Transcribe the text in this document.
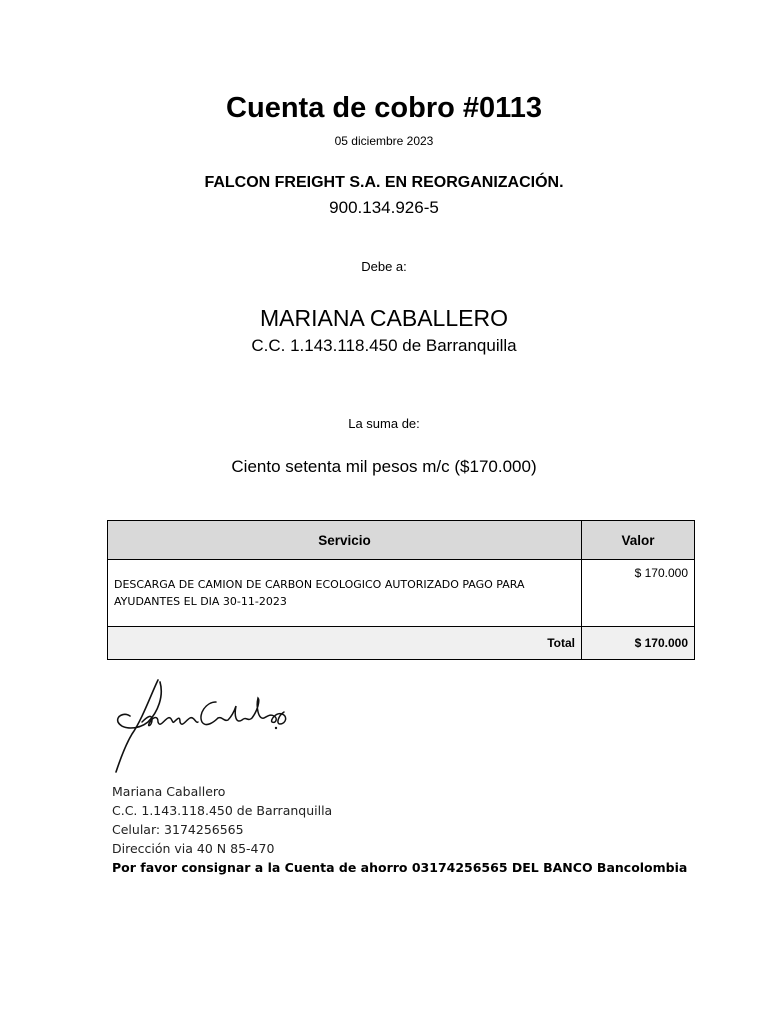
Cuenta de cobro #0113
05 diciembre 2023
FALCON FREIGHT S.A. EN REORGANIZACIÓN.
900.134.926-5
Debe a:
MARIANA CABALLERO
C.C. 1.143.118.450 de Barranquilla
La suma de:
Ciento setenta mil pesos m/c ($170.000)
Servicio	Valor
DESCARGA DE CAMION DE CARBON ECOLOGICO AUTORIZADO PAGO PARA AYUDANTES EL DIA 30-11-2023	$ 170.000
Total	$ 170.000
Mariana Caballero
C.C. 1.143.118.450 de Barranquilla
Celular: 3174256565
Dirección via 40 N 85-470
Por favor consignar a la Cuenta de ahorro 03174256565 DEL BANCO Bancolombia
